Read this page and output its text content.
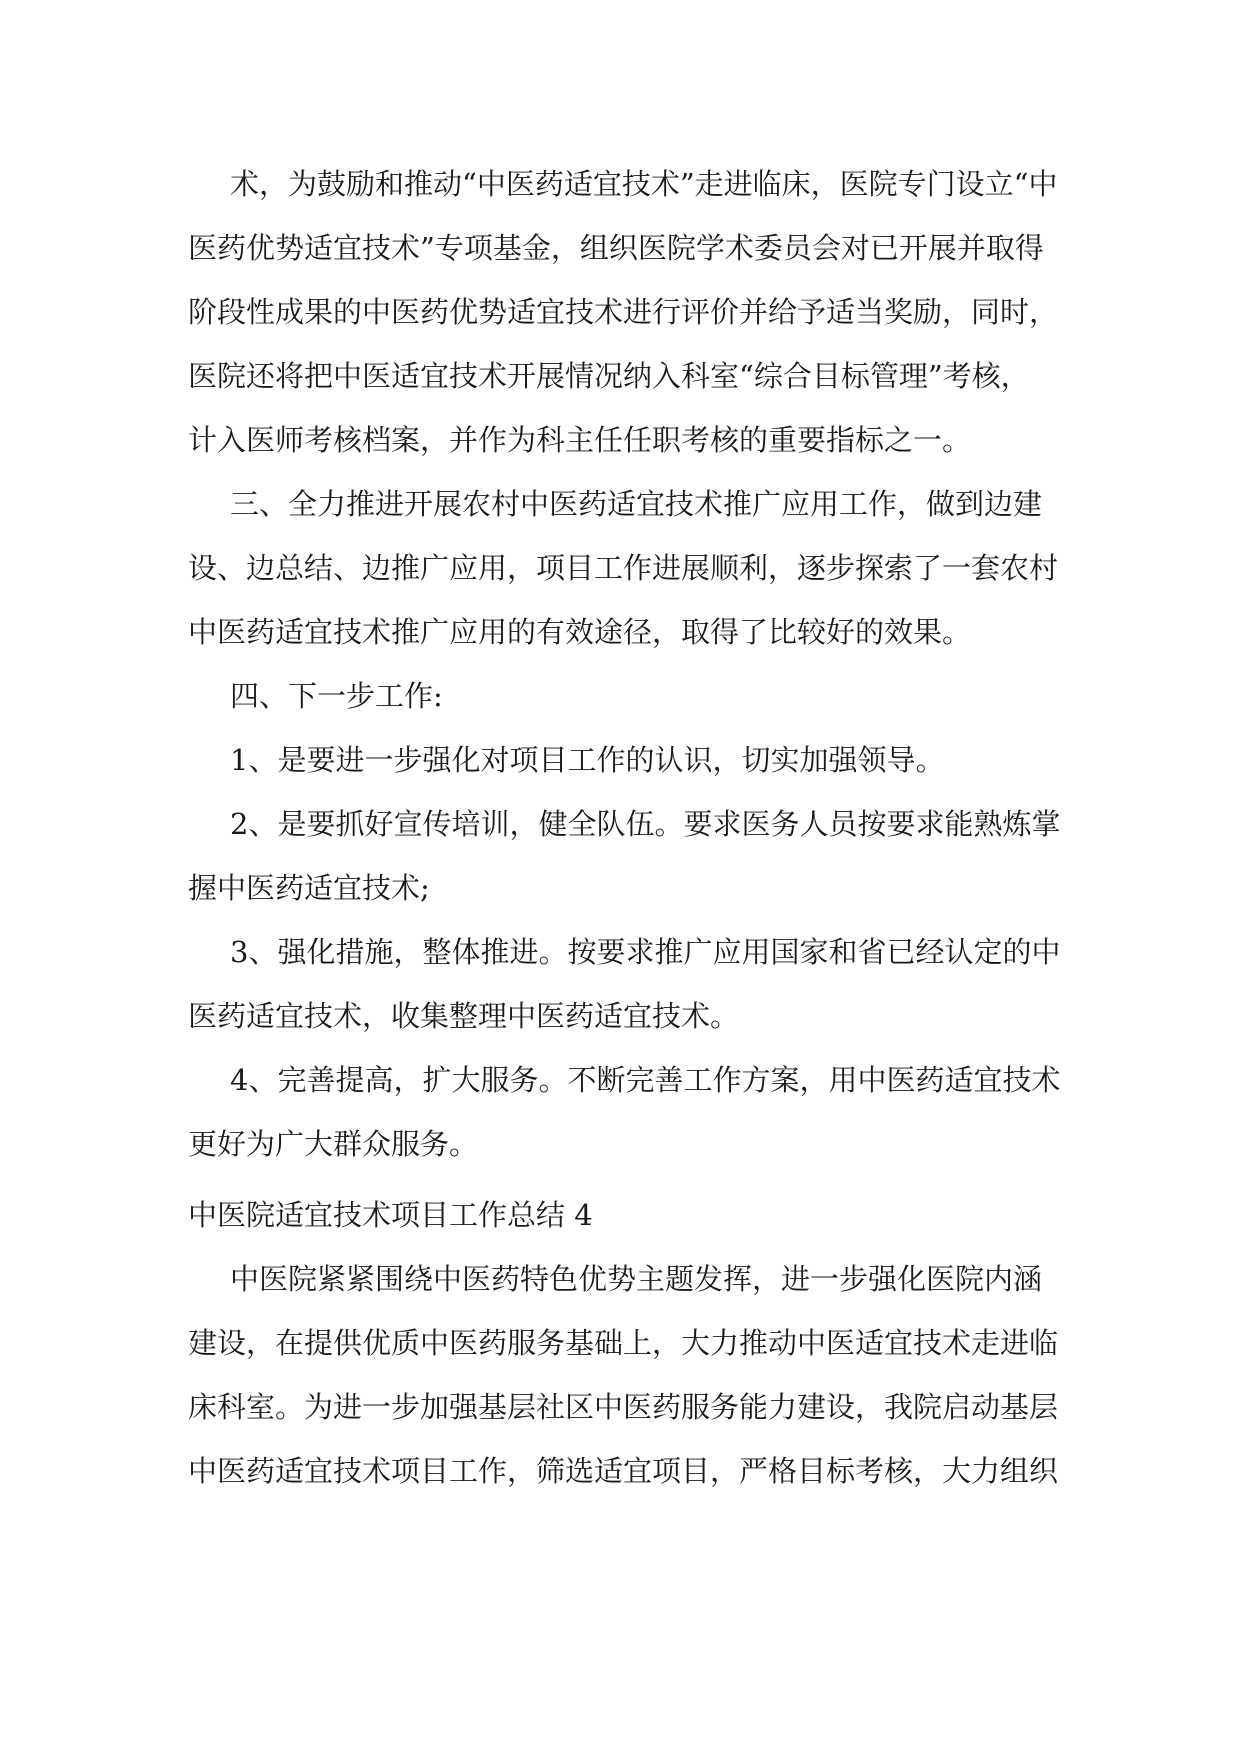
术，为鼓励和推动“中医药适宜技术”走进临床，医院专门设立“中
医药优势适宜技术”专项基金，组织医院学术委员会对已开展并取得
阶段性成果的中医药优势适宜技术进行评价并给予适当奖励，同时，
医院还将把中医适宜技术开展情况纳入科室“综合目标管理”考核，
计入医师考核档案，并作为科主任任职考核的重要指标之一。
三、全力推进开展农村中医药适宜技术推广应用工作，做到边建
设、边总结、边推广应用，项目工作进展顺利，逐步探索了一套农村
中医药适宜技术推广应用的有效途径，取得了比较好的效果。
四、下一步工作:
1、是要进一步强化对项目工作的认识，切实加强领导。
2、是要抓好宣传培训，健全队伍。要求医务人员按要求能熟炼掌
握中医药适宜技术;
3、强化措施，整体推进。按要求推广应用国家和省已经认定的中
医药适宜技术，收集整理中医药适宜技术。
4、完善提高，扩大服务。不断完善工作方案，用中医药适宜技术
更好为广大群众服务。
中医院适宜技术项目工作总结 4
中医院紧紧围绕中医药特色优势主题发挥，进一步强化医院内涵
建设，在提供优质中医药服务基础上，大力推动中医适宜技术走进临
床科室。为进一步加强基层社区中医药服务能力建设，我院启动基层
中医药适宜技术项目工作，筛选适宜项目，严格目标考核，大力组织
